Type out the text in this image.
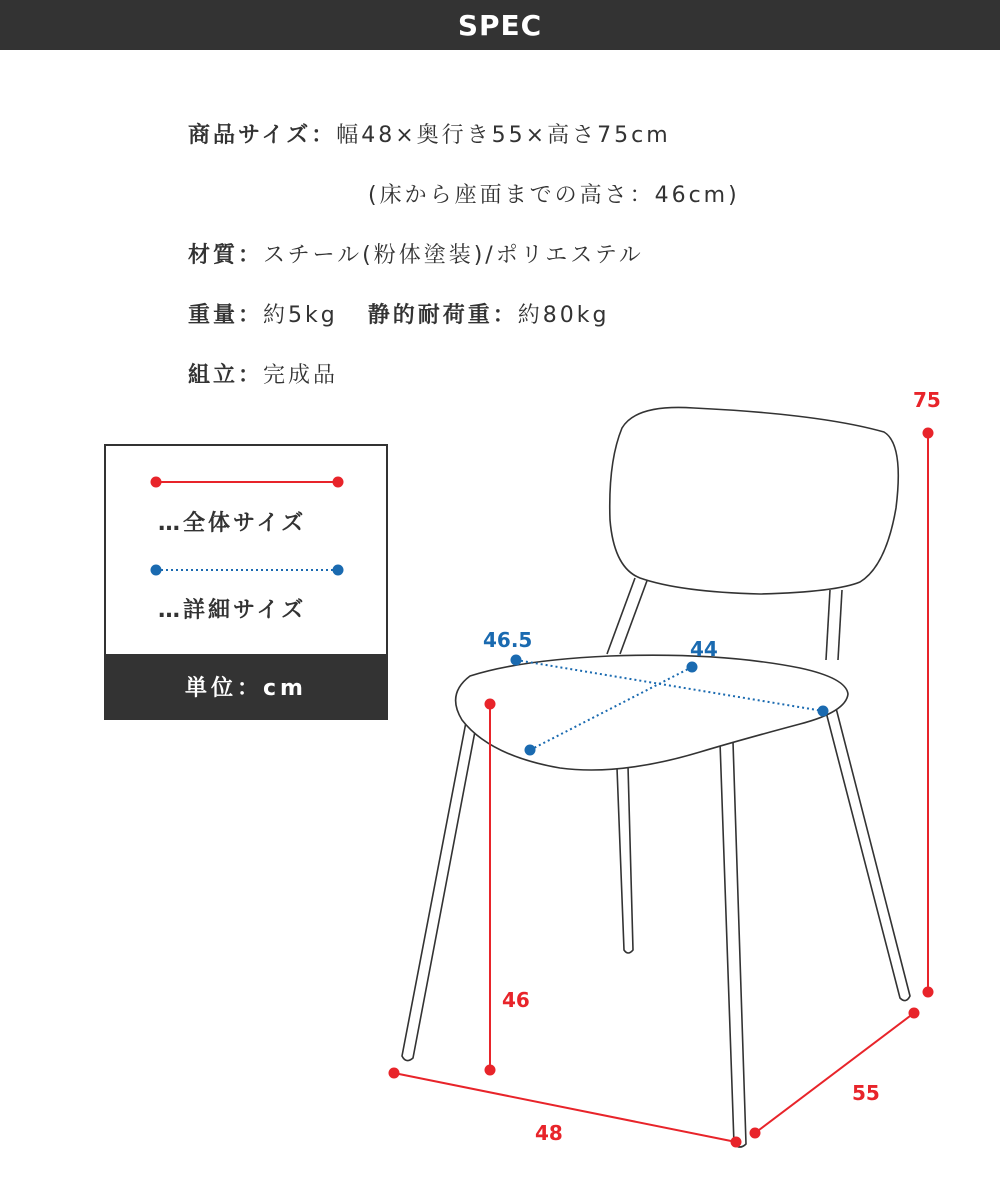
SPEC
商品サイズ：幅48×奥行き55×高さ75cm
(床から座面までの高さ：46cm)
材質：スチール(粉体塗装)/ポリエステル
重量：約5kg 静的耐荷重：約80kg
組立：完成品
…全体サイズ
…詳細サイズ
単位：cm
46.5	44
75
46
48
55
